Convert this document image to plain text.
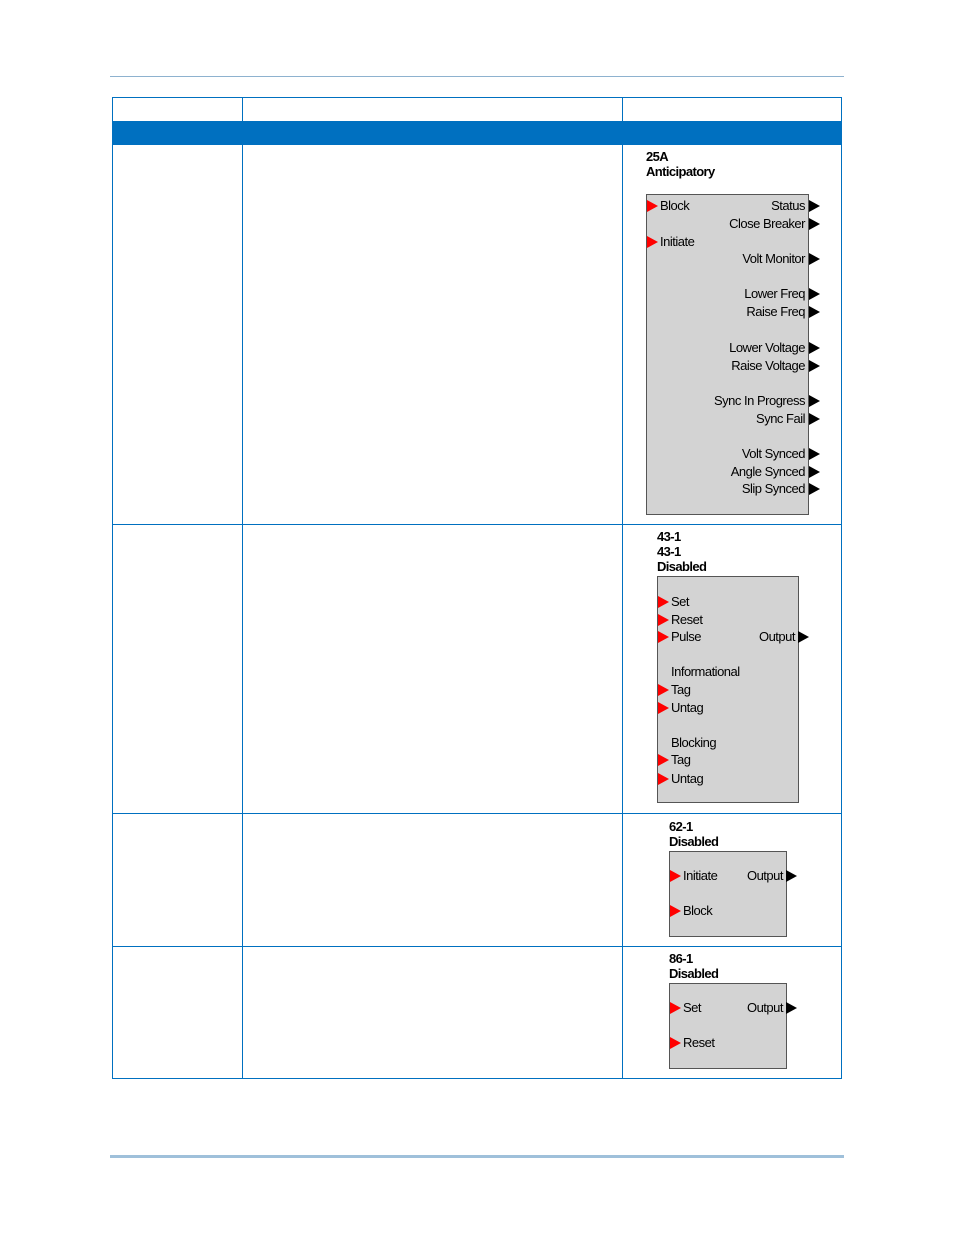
25A
Anticipatory
Block
Initiate
Status
Close Breaker
Volt Monitor
Lower Freq
Raise Freq
Lower Voltage
Raise Voltage
Sync In Progress
Sync Fail
Volt Synced
Angle Synced
Slip Synced
43-1
43-1
Disabled
Set
Reset
Pulse	Output
Informational
Tag
Untag
Blocking
Tag
Untag
62-1
Disabled
Initiate
Block
Output
86-1
Disabled
Set
Reset
Output
